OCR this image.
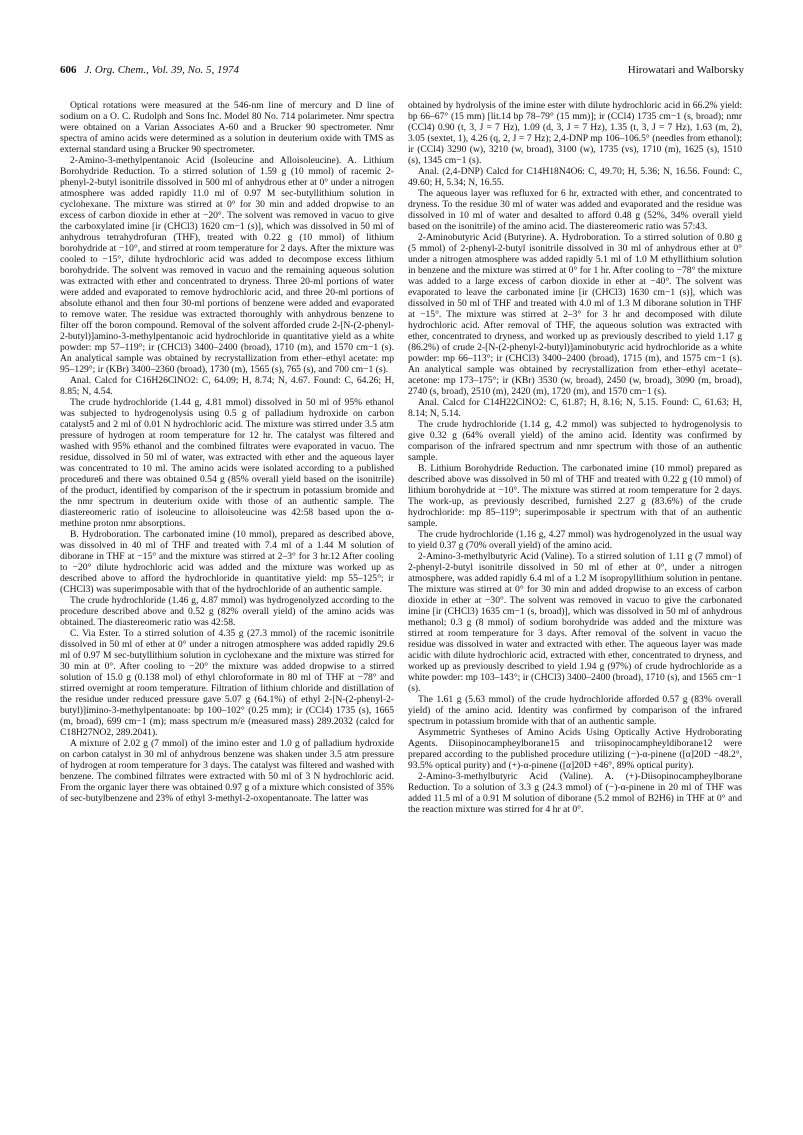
606 J. Org. Chem., Vol. 39, No. 5, 1974	Hirowatari and Walborsky

Optical rotations were measured at the 546-nm line of mercury and D line of sodium on a O. C. Rudolph and Sons Inc. Model 80 No. 714 polarimeter. Nmr spectra were obtained on a Varian Associates A-60 and a Brucker 90 spectrometer. Nmr spectra of amino acids were determined as a solution in deuterium oxide with TMS as external standard using a Brucker 90 spectrometer.

2-Amino-3-methylpentanoic Acid (Isoleucine and Alloisoleucine). A. Lithium Borohydride Reduction. To a stirred solution of 1.59 g (10 mmol) of racemic 2-phenyl-2-butyl isonitrile dissolved in 500 ml of anhydrous ether at 0° under a nitrogen atmosphere was added rapidly 11.0 ml of 0.97 M sec-butyllithium solution in cyclohexane. The mixture was stirred at 0° for 30 min and added dropwise to an excess of carbon dioxide in ether at −20°. The solvent was removed in vacuo to give the carboxylated imine [ir (CHCl3) 1620 cm−1 (s)], which was dissolved in 50 ml of anhydrous tetrahydrofuran (THF), treated with 0.22 g (10 mmol) of lithium borohydride at −10°, and stirred at room temperature for 2 days. After the mixture was cooled to −15°, dilute hydrochloric acid was added to decompose excess lithium borohydride. The solvent was removed in vacuo and the remaining aqueous solution was extracted with ether and concentrated to dryness. Three 20-ml portions of water were added and evaporated to remove hydrochloric acid, and three 20-ml portions of absolute ethanol and then four 30-ml portions of benzene were added and evaporated to remove water. The residue was extracted thoroughly with anhydrous benzene to filter off the boron compound. Removal of the solvent afforded crude 2-[N-(2-phenyl-2-butyl)]amino-3-methylpentanoic acid hydrochloride in quantitative yield as a white powder: mp 57–119°; ir (CHCl3) 3400–2400 (broad), 1710 (m), and 1570 cm−1 (s). An analytical sample was obtained by recrystallization from ether–ethyl acetate: mp 95–129°; ir (KBr) 3400–2360 (broad), 1730 (m), 1565 (s), 765 (s), and 700 cm−1 (s).

Anal. Calcd for C16H26ClNO2: C, 64.09; H, 8.74; N, 4.67. Found: C, 64.26; H, 8.85; N, 4.54.

The crude hydrochloride (1.44 g, 4.81 mmol) dissolved in 50 ml of 95% ethanol was subjected to hydrogenolysis using 0.5 g of palladium hydroxide on carbon catalyst5 and 2 ml of 0.01 N hydrochloric acid. The mixture was stirred under 3.5 atm pressure of hydrogen at room temperature for 12 hr. The catalyst was filtered and washed with 95% ethanol and the combined filtrates were evaporated in vacuo. The residue, dissolved in 50 ml of water, was extracted with ether and the aqueous layer was concentrated to 10 ml. The amino acids were isolated according to a published procedure6 and there was obtained 0.54 g (85% overall yield based on the isonitrile) of the product, identified by comparison of the ir spectrum in potassium bromide and the nmr spectrum in deuterium oxide with those of an authentic sample. The diastereomeric ratio of isoleucine to alloisoleucine was 42:58 based upon the α-methine proton nmr absorptions.

B. Hydroboration. The carbonated imine (10 mmol), prepared as described above, was dissolved in 40 ml of THF and treated with 7.4 ml of a 1.44 M solution of diborane in THF at −15° and the mixture was stirred at 2–3° for 3 hr.12 After cooling to −20° dilute hydrochloric acid was added and the mixture was worked up as described above to afford the hydrochloride in quantitative yield: mp 55–125°; ir (CHCl3) was superimposable with that of the hydrochloride of an authentic sample.

The crude hydrochloride (1.46 g, 4.87 mmol) was hydrogenolyzed according to the procedure described above and 0.52 g (82% overall yield) of the amino acids was obtained. The diastereomeric ratio was 42:58.

C. Via Ester. To a stirred solution of 4.35 g (27.3 mmol) of the racemic isonitrile dissolved in 50 ml of ether at 0° under a nitrogen atmosphere was added rapidly 29.6 ml of 0.97 M sec-butyllithium solution in cyclohexane and the mixture was stirred for 30 min at 0°. After cooling to −20° the mixture was added dropwise to a stirred solution of 15.0 g (0.138 mol) of ethyl chloroformate in 80 ml of THF at −78° and stirred overnight at room temperature. Filtration of lithium chloride and distillation of the residue under reduced pressure gave 5.07 g (64.1%) of ethyl 2-[N-(2-phenyl-2-butyl)]imino-3-methylpentanoate: bp 100–102° (0.25 mm); ir (CCl4) 1735 (s), 1665 (m, broad), 699 cm−1 (m); mass spectrum m/e (measured mass) 289.2032 (calcd for C18H27NO2, 289.2041).

A mixture of 2.02 g (7 mmol) of the imino ester and 1.0 g of palladium hydroxide on carbon catalyst in 30 ml of anhydrous benzene was shaken under 3.5 atm pressure of hydrogen at room temperature for 3 days. The catalyst was filtered and washed with benzene. The combined filtrates were extracted with 50 ml of 3 N hydrochloric acid. From the organic layer there was obtained 0.97 g of a mixture which consisted of 35% of sec-butylbenzene and 23% of ethyl 3-methyl-2-oxopentanoate. The latter was

obtained by hydrolysis of the imine ester with dilute hydrochloric acid in 66.2% yield: bp 66–67° (15 mm) [lit.14 bp 78–79° (15 mm)]; ir (CCl4) 1735 cm−1 (s, broad); nmr (CCl4) 0.90 (t, 3, J = 7 Hz), 1.09 (d, 3, J = 7 Hz), 1.35 (t, 3, J = 7 Hz), 1.63 (m, 2), 3.05 (sextet, 1), 4.26 (q, 2, J = 7 Hz); 2,4-DNP mp 106–106.5° (needles from ethanol); ir (CCl4) 3290 (w), 3210 (w, broad), 3100 (w), 1735 (vs), 1710 (m), 1625 (s), 1510 (s), 1345 cm−1 (s).

Anal. (2,4-DNP) Calcd for C14H18N4O6: C, 49.70; H, 5.36; N, 16.56. Found: C, 49.60; H, 5.34; N, 16.55.

The aqueous layer was refluxed for 6 hr, extracted with ether, and concentrated to dryness. To the residue 30 ml of water was added and evaporated and the residue was dissolved in 10 ml of water and desalted to afford 0.48 g (52%, 34% overall yield based on the isonitrile) of the amino acid. The diastereomeric ratio was 57:43.

2-Aminobutyric Acid (Butyrine). A. Hydroboration. To a stirred solution of 0.80 g (5 mmol) of 2-phenyl-2-butyl isonitrile dissolved in 30 ml of anhydrous ether at 0° under a nitrogen atmosphere was added rapidly 5.1 ml of 1.0 M ethyllithium solution in benzene and the mixture was stirred at 0° for 1 hr. After cooling to −78° the mixture was added to a large excess of carbon dioxide in ether at −40°. The solvent was evaporated to leave the carbonated imine [ir (CHCl3) 1630 cm−1 (s)], which was dissolved in 50 ml of THF and treated with 4.0 ml of 1.3 M diborane solution in THF at −15°. The mixture was stirred at 2–3° for 3 hr and decomposed with dilute hydrochloric acid. After removal of THF, the aqueous solution was extracted with ether, concentrated to dryness, and worked up as previously described to yield 1.17 g (86.2%) of crude 2-[N-(2-phenyl-2-butyl)]aminobutyric acid hydrochloride as a white powder: mp 66–113°; ir (CHCl3) 3400–2400 (broad), 1715 (m), and 1575 cm−1 (s). An analytical sample was obtained by recrystallization from ether–ethyl acetate–acetone: mp 173–175°; ir (KBr) 3530 (w, broad), 2450 (w, broad), 3090 (m, broad), 2740 (s, broad), 2510 (m), 2420 (m), 1720 (m), and 1570 cm−1 (s).

Anal. Calcd for C14H22ClNO2: C, 61.87; H, 8.16; N, 5.15. Found: C, 61.63; H, 8.14; N, 5.14.

The crude hydrochloride (1.14 g, 4.2 mmol) was subjected to hydrogenolysis to give 0.32 g (64% overall yield) of the amino acid. Identity was confirmed by comparison of the infrared spectrum and nmr spectrum with those of an authentic sample.

B. Lithium Borohydride Reduction. The carbonated imine (10 mmol) prepared as described above was dissolved in 50 ml of THF and treated with 0.22 g (10 mmol) of lithium borohydride at −10°. The mixture was stirred at room temperature for 2 days. The work-up, as previously described, furnished 2.27 g (83.6%) of the crude hydrochloride: mp 85–119°; superimposable ir spectrum with that of an authentic sample.

The crude hydrochloride (1.16 g, 4.27 mmol) was hydrogenolyzed in the usual way to yield 0.37 g (70% overall yield) of the amino acid.

2-Amino-3-methylbutyric Acid (Valine). To a stirred solution of 1.11 g (7 mmol) of 2-phenyl-2-butyl isonitrile dissolved in 50 ml of ether at 0°, under a nitrogen atmosphere, was added rapidly 6.4 ml of a 1.2 M isopropyllithium solution in pentane. The mixture was stirred at 0° for 30 min and added dropwise to an excess of carbon dioxide in ether at −30°. The solvent was removed in vacuo to give the carbonated imine [ir (CHCl3) 1635 cm−1 (s, broad)], which was dissolved in 50 ml of anhydrous methanol; 0.3 g (8 mmol) of sodium borohydride was added and the mixture was stirred at room temperature for 3 days. After removal of the solvent in vacuo the residue was dissolved in water and extracted with ether. The aqueous layer was made acidic with dilute hydrochloric acid, extracted with ether, concentrated to dryness, and worked up as previously described to yield 1.94 g (97%) of crude hydrochloride as a white powder: mp 103–143°; ir (CHCl3) 3400–2400 (broad), 1710 (s), and 1565 cm−1 (s).

The 1.61 g (5.63 mmol) of the crude hydrochloride afforded 0.57 g (83% overall yield) of the amino acid. Identity was confirmed by comparison of the infrared spectrum in potassium bromide with that of an authentic sample.

Asymmetric Syntheses of Amino Acids Using Optically Active Hydroborating Agents. Diisopinocampheylborane15 and triisopinocampheyldiborane12 were prepared according to the published procedure utilizing (−)-α-pinene ([α]20D −48.2°, 93.5% optical purity) and (+)-α-pinene ([α]20D +46°, 89% optical purity).

2-Amino-3-methylbutyric Acid (Valine). A. (+)-Diisopinocampheylborane Reduction. To a solution of 3.3 g (24.3 mmol) of (−)-α-pinene in 20 ml of THF was added 11.5 ml of a 0.91 M solution of diborane (5.2 mmol of B2H6) in THF at 0° and the reaction mixture was stirred for 4 hr at 0°.
